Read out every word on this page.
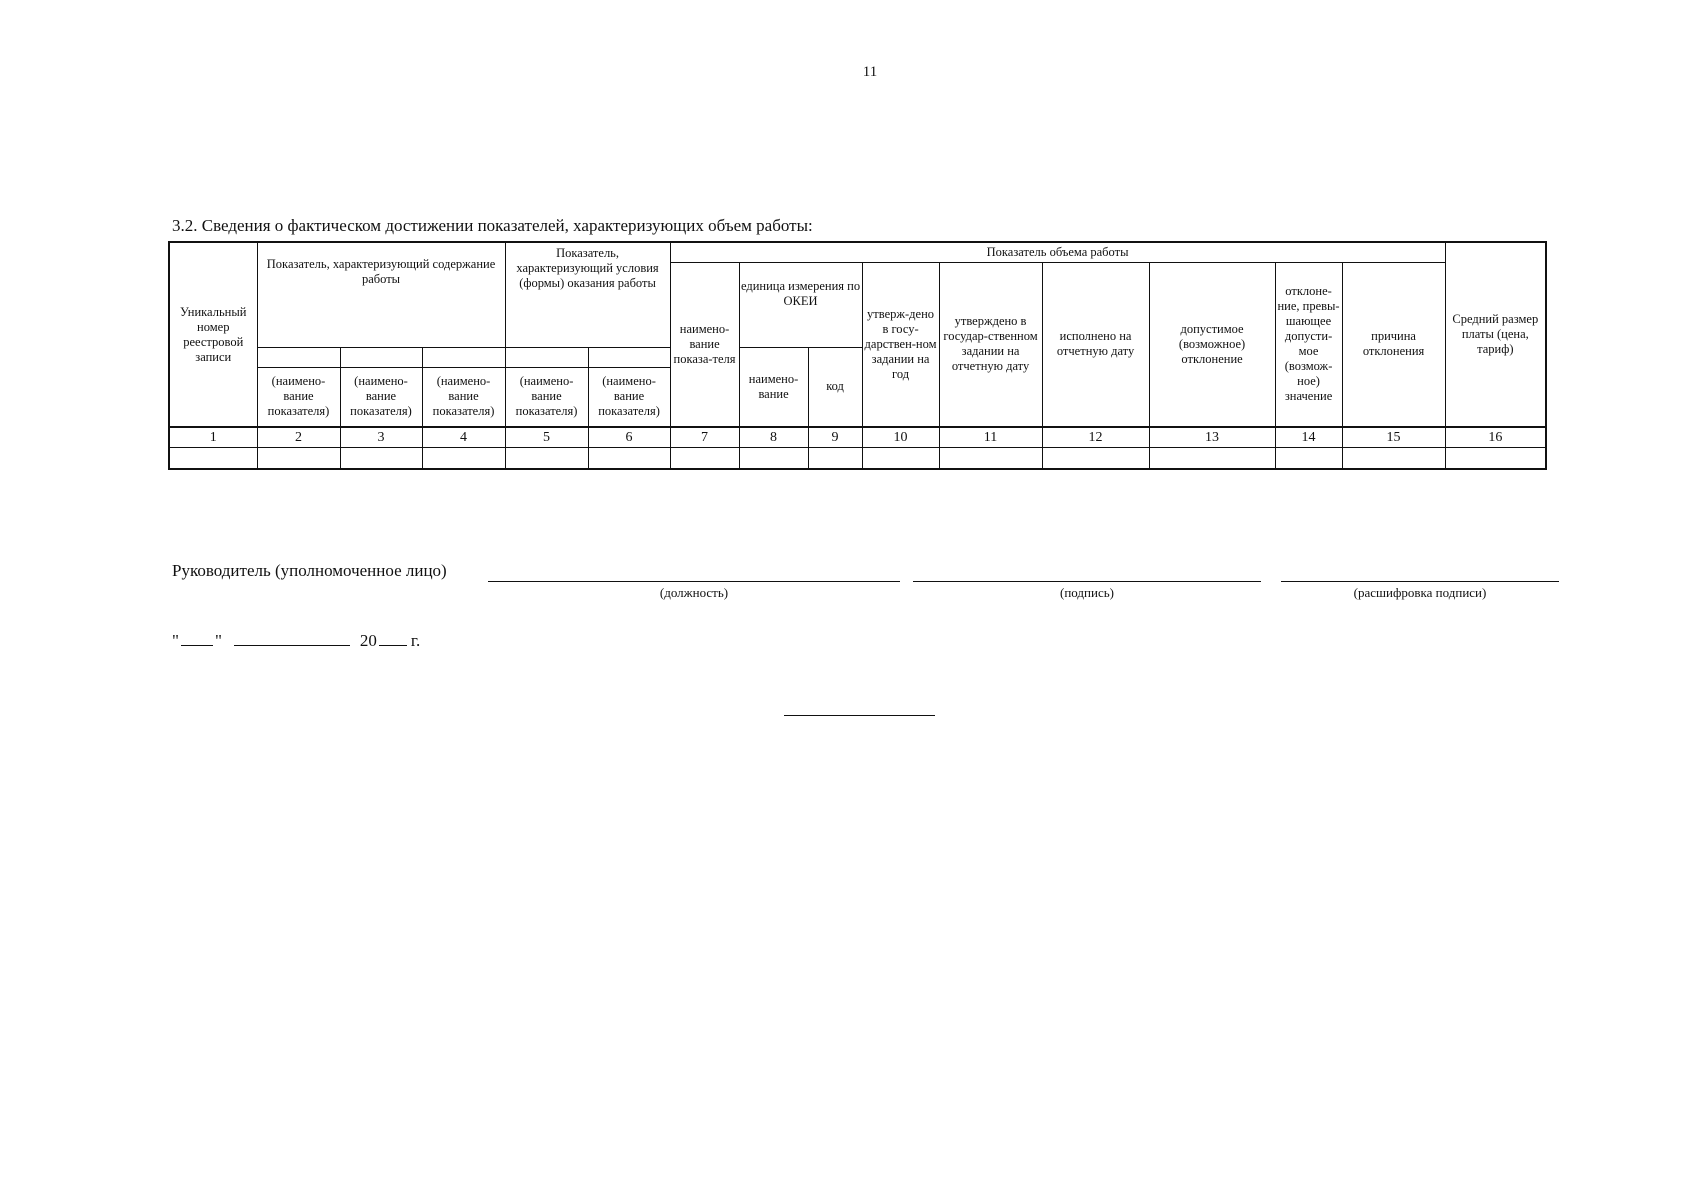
11
3.2. Сведения о фактическом достижении показателей, характеризующих объем работы:
Уникальный номер реестровой записи	Показатель, характеризующий содержание работы			Показатель, характеризующий условия (формы) оказания работы		Показатель объема работы									Средний размер платы (цена, тариф)
						наимено-вание показа-теля	единица измерения по ОКЕИ		утверж-дено в госу-дарствен-ном задании на год	утверждено в государ-ственном задании на отчетную дату	исполнено на отчетную дату	допустимое (возможное) отклонение	отклоне-ние, превы-шающее допусти-мое (возмож-ное) значение	причина отклонения	
							наимено-вание	код							
	(наимено-вание показателя)	(наимено-вание показателя)	(наимено-вание показателя)	(наимено-вание показателя)	(наимено-вание показателя)										
1	2	3	4	5	6	7	8	9	10	11	12	13	14	15	16

Руководитель (уполномоченное лицо)
(должность)	(подпись)	(расшифровка подписи)
" "	20 г.
